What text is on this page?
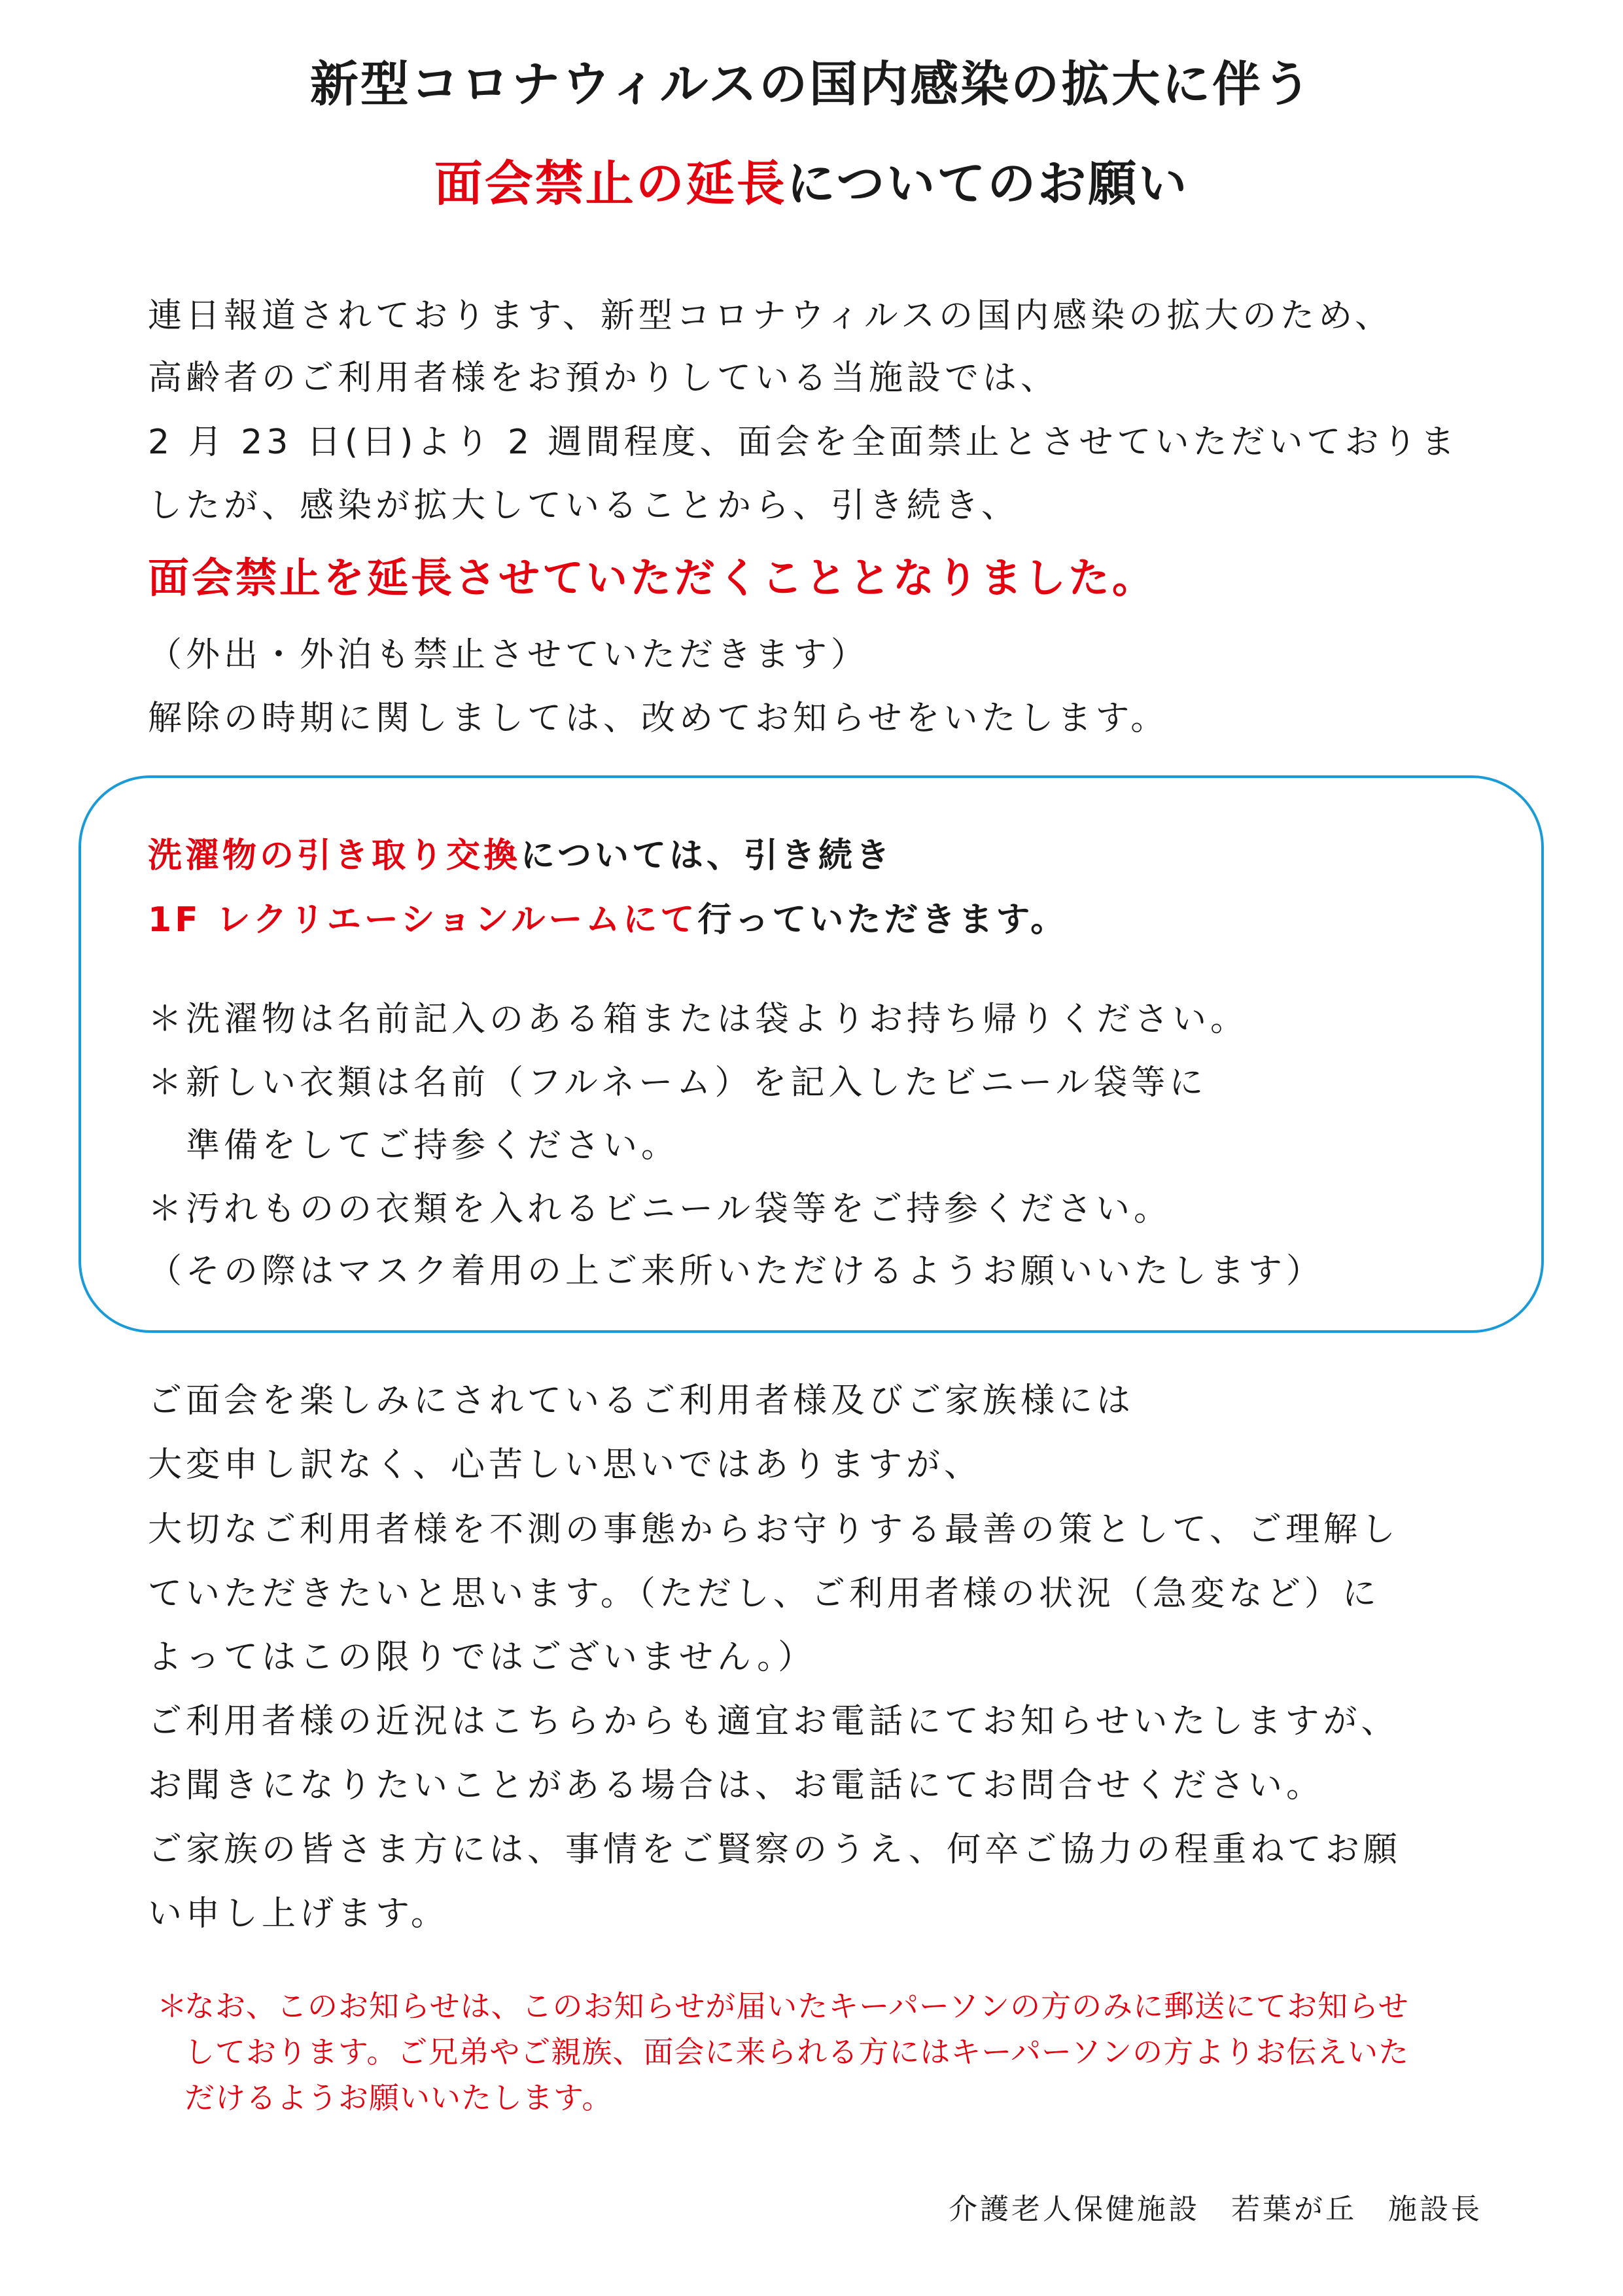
新型コロナウィルスの国内感染の拡大に伴う
面会禁止の延長についてのお願い
連日報道されております、新型コロナウィルスの国内感染の拡大のため、
高齢者のご利用者様をお預かりしている当施設では、
2 月 23 日(日)より 2 週間程度、面会を全面禁止とさせていただいておりま
したが、感染が拡大していることから、引き続き、
面会禁止を延長させていただくこととなりました。
（外出・外泊も禁止させていただきます）
解除の時期に関しましては、改めてお知らせをいたします。
洗濯物の引き取り交換については、引き続き
1F レクリエーションルームにて行っていただきます。
＊洗濯物は名前記入のある箱または袋よりお持ち帰りください。
＊新しい衣類は名前（フルネーム）を記入したビニール袋等に
　準備をしてご持参ください。
＊汚れものの衣類を入れるビニール袋等をご持参ください。
（その際はマスク着用の上ご来所いただけるようお願いいたします）
ご面会を楽しみにされているご利用者様及びご家族様には
大変申し訳なく、心苦しい思いではありますが、
大切なご利用者様を不測の事態からお守りする最善の策として、ご理解し
ていただきたいと思います。（ただし、ご利用者様の状況（急変など）に
よってはこの限りではございません。）
ご利用者様の近況はこちらからも適宜お電話にてお知らせいたしますが、
お聞きになりたいことがある場合は、お電話にてお問合せください。
ご家族の皆さま方には、事情をご賢察のうえ、何卒ご協力の程重ねてお願
い申し上げます。
＊
なお、このお知らせは、このお知らせが届いたキーパーソンの方のみに郵送にてお知らせ
しております。ご兄弟やご親族、面会に来られる方にはキーパーソンの方よりお伝えいた
だけるようお願いいたします。
介護老人保健施設　若葉が丘　施設長
